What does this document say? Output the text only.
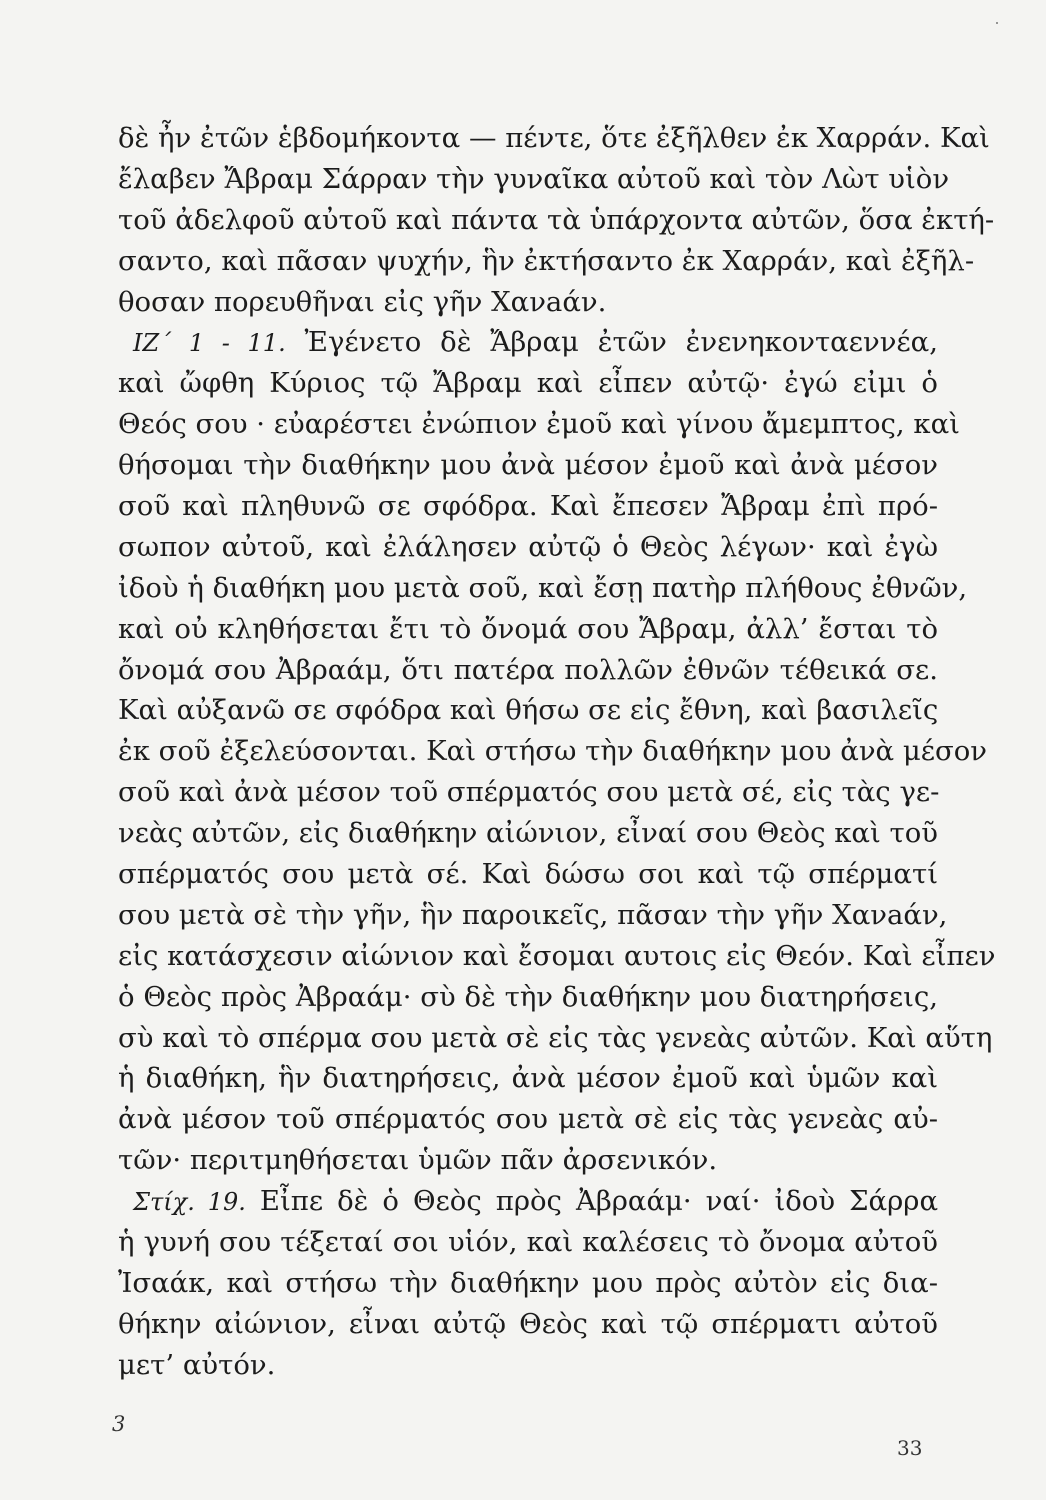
δὲ ἦν ἐτῶν ἑβδομήκοντα — πέντε, ὅτε ἐξῆλθεν ἐκ Χαρράν. Καὶ
ἔλαβεν Ἄβραμ Σάρραν τὴν γυναῖκα αὐτοῦ καὶ τὸν Λὼτ υἱὸν
τοῦ ἀδελφοῦ αὐτοῦ καὶ πάντα τὰ ὑπάρχοντα αὐτῶν, ὅσα ἐκτή-
σαντο, καὶ πᾶσαν ψυχήν, ἣν ἐκτήσαντο ἐκ Χαρράν, καὶ ἐξῆλ-
θοσαν πορευθῆναι εἰς γῆν Χανaάν.
ΙΖ΄ 1 - 11. Ἐγένετο δὲ Ἄβραμ ἐτῶν ἐνενηκονταεννέα,
καὶ ὤφθη Κύριος τῷ Ἄβραμ καὶ εἶπεν αὐτῷ· ἐγώ εἰμι ὁ
Θεός σου · εὐαρέστει ἐνώπιον ἐμοῦ καὶ γίνου ἄμεμπτος, καὶ
θήσομαι τὴν διαθήκην μου ἀνὰ μέσον ἐμοῦ καὶ ἀνὰ μέσον
σοῦ καὶ πληθυνῶ σε σφόδρα. Καὶ ἔπεσεν Ἄβραμ ἐπὶ πρό-
σωπον αὐτοῦ, καὶ ἐλάλησεν αὐτῷ ὁ Θεὸς λέγων· καὶ ἐγὼ
ἰδοὺ ἡ διαθήκη μου μετὰ σοῦ, καὶ ἔσῃ πατὴρ πλήθους ἐθνῶν,
καὶ οὐ κληθήσεται ἔτι τὸ ὄνομά σου Ἄβραμ, ἀλλ’ ἔσται τὸ
ὄνομά σου Ἀβραάμ, ὅτι πατέρα πολλῶν ἐθνῶν τέθεικά σε.
Καὶ αὐξανῶ σε σφόδρα καὶ θήσω σε εἰς ἔθνη, καὶ βασιλεῖς
ἐκ σοῦ ἐξελεύσονται. Καὶ στήσω τὴν διαθήκην μου ἀνὰ μέσον
σοῦ καὶ ἀνὰ μέσον τοῦ σπέρματός σου μετὰ σέ, εἰς τὰς γε-
νεὰς αὐτῶν, εἰς διαθήκην αἰώνιον, εἶναί σου Θεὸς καὶ τοῦ
σπέρματός σου μετὰ σέ. Καὶ δώσω σοι καὶ τῷ σπέρματί
σου μετὰ σὲ τὴν γῆν, ἣν παροικεῖς, πᾶσαν τὴν γῆν Χανaάν,
εἰς κατάσχεσιν αἰώνιον καὶ ἔσομαι αυτοις εἰς Θεόν. Καὶ εἶπεν
ὁ Θεὸς πρὸς Ἀβραάμ· σὺ δὲ τὴν διαθήκην μου διατηρήσεις,
σὺ καὶ τὸ σπέρμα σου μετὰ σὲ εἰς τὰς γενεὰς αὐτῶν. Καὶ αὕτη
ἡ διαθήκη, ἣν διατηρήσεις, ἀνὰ μέσον ἐμοῦ καὶ ὑμῶν καὶ
ἀνὰ μέσον τοῦ σπέρματός σου μετὰ σὲ εἰς τὰς γενεὰς αὐ-
τῶν· περιτμηθήσεται ὑμῶν πᾶν ἀρσενικόν.
Στίχ. 19. Εἶπε δὲ ὁ Θεὸς πρὸς Ἀβραάμ· ναί· ἰδοὺ Σάρρα
ἡ γυνή σου τέξεταί σοι υἱόν, καὶ καλέσεις τὸ ὄνομα αὐτοῦ
Ἰσαάκ, καὶ στήσω τὴν διαθήκην μου πρὸς αὐτὸν εἰς δια-
θήκην αἰώνιον, εἶναι αὐτῷ Θεὸς καὶ τῷ σπέρματι αὐτοῦ
μετ’ αὐτόν.
3
33
